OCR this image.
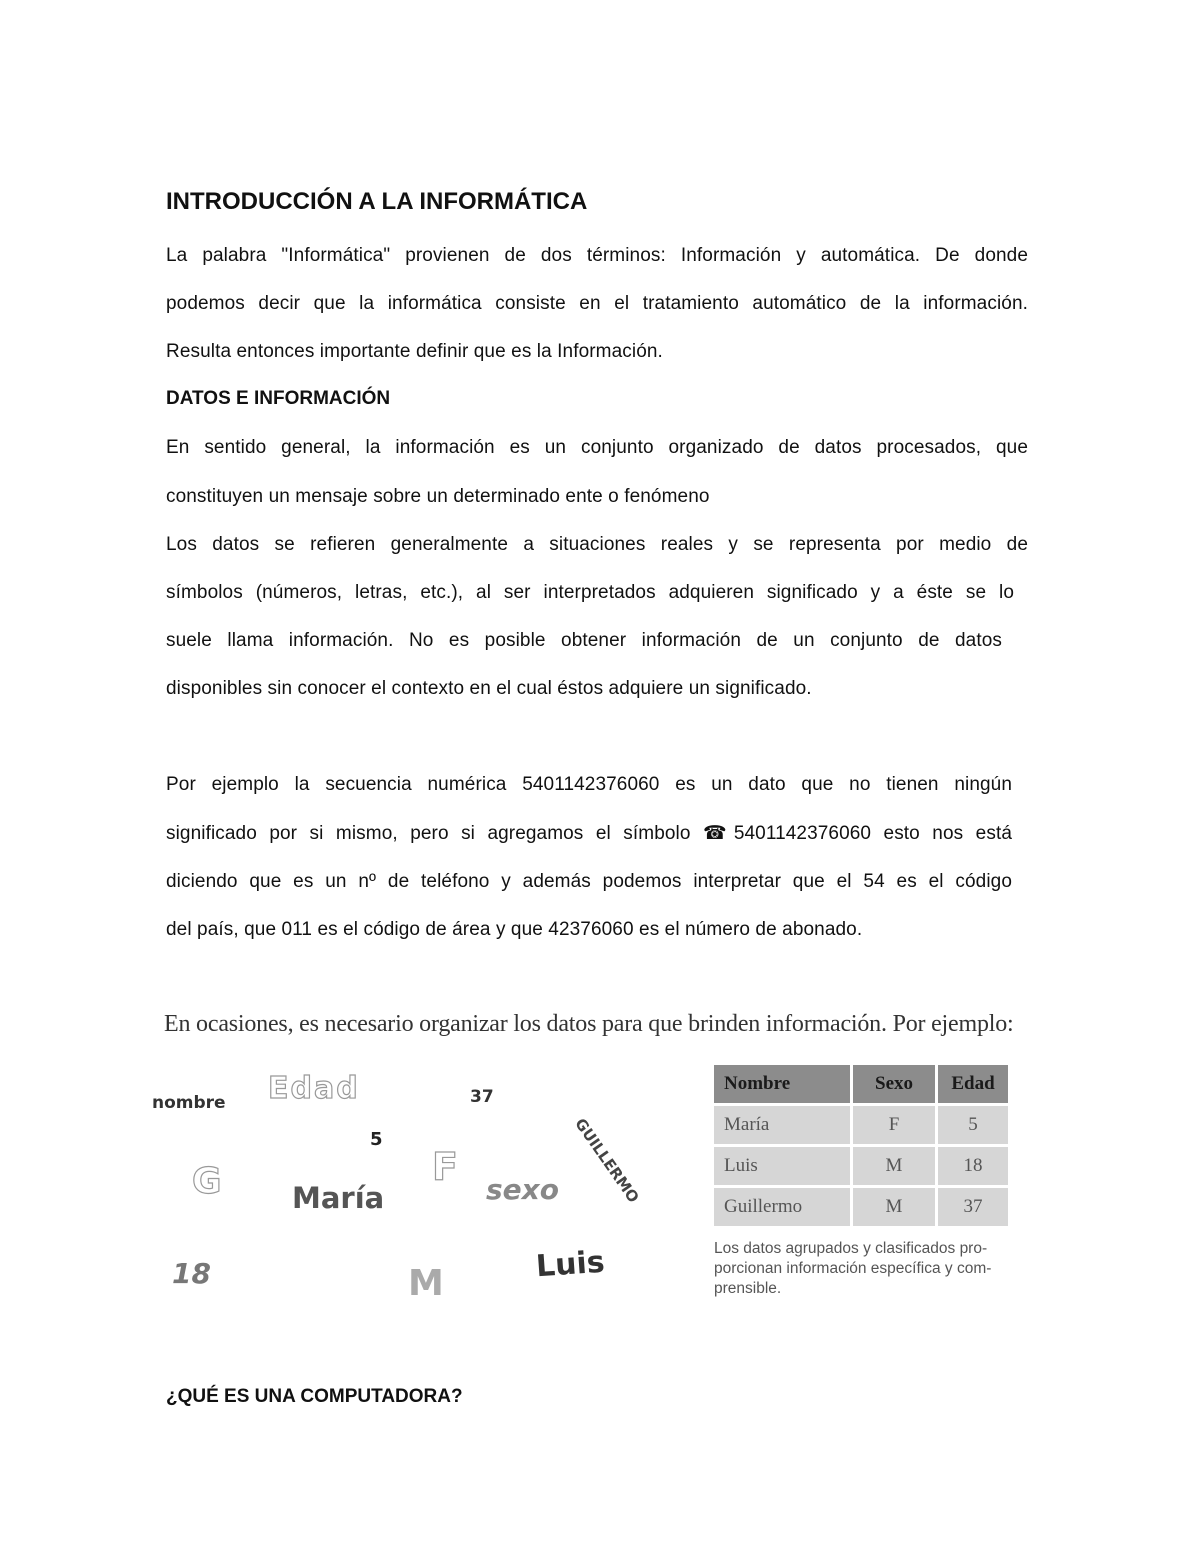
INTRODUCCIÓN A LA INFORMÁTICA
La palabra "Informática" provienen de dos términos: Información y automática. De donde
podemos decir que la informática consiste en el tratamiento automático de la información.
Resulta entonces importante definir que es la Información.
DATOS E INFORMACIÓN
En sentido general, la información es un conjunto organizado de datos procesados, que
constituyen un mensaje sobre un determinado ente o fenómeno
Los datos se refieren generalmente a situaciones reales y se representa por medio de
símbolos (números, letras, etc.), al ser interpretados adquieren significado y a éste se lo
suele llama información. No es posible obtener información de un conjunto de datos
disponibles sin conocer el contexto en el cual éstos adquiere un significado.
Por ejemplo la secuencia numérica 5401142376060 es un dato que no tienen ningún
significado por si mismo, pero si agregamos el símbolo ☎5401142376060 esto nos está
diciendo que es un nº de teléfono y además podemos interpretar que el 54 es el código
del país, que 011 es el código de área y que 42376060 es el número de abonado.
En ocasiones, es necesario organizar los datos para que brinden información. Por ejemplo:
nombre Edad	37
GUILLERMO
5
G María
F
sexo
18	M	Luis
Nombre	Sexo	Edad
María	F	5
Luis	M	18
Guillermo	M	37
Los datos agrupados y clasificados pro-
porcionan información específica y com-
prensible.
¿QUÉ ES UNA COMPUTADORA?
